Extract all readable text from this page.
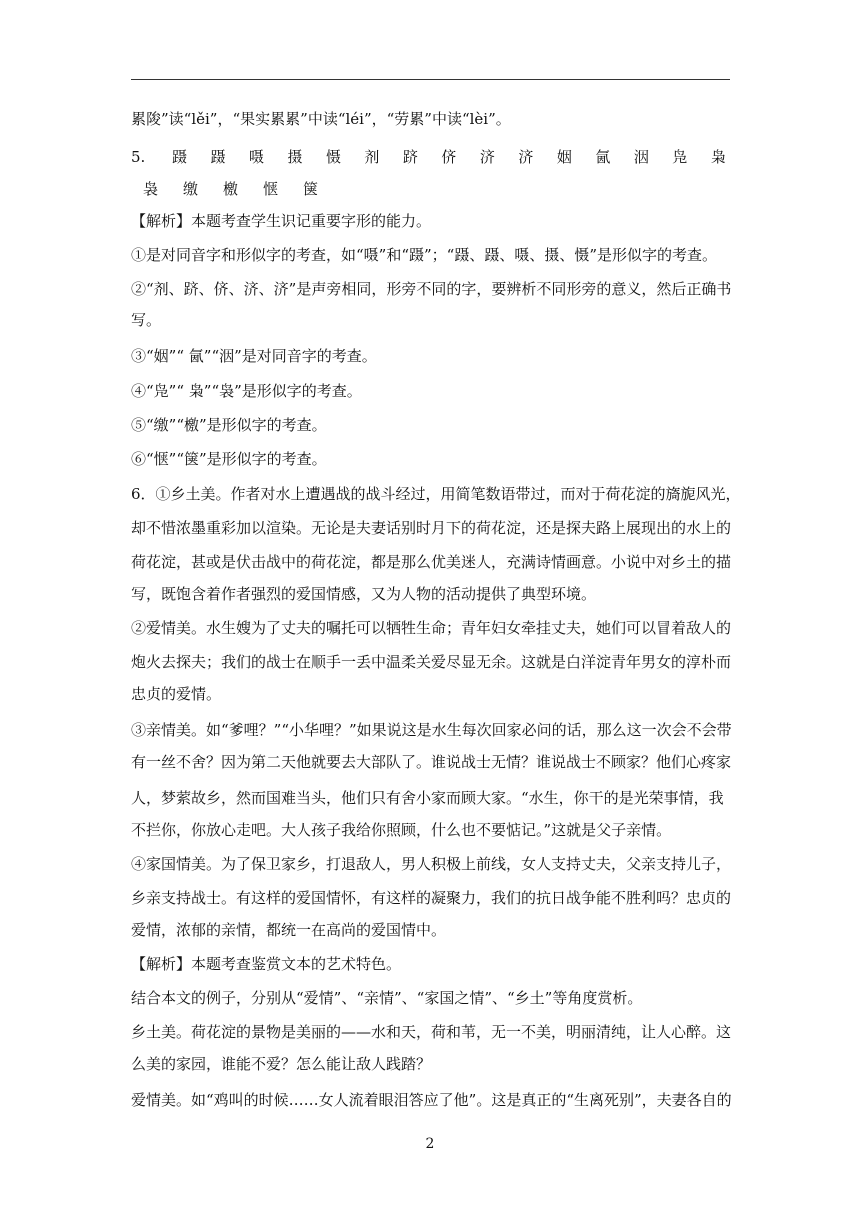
累陖”读“lěi”，“果实累累”中读“léi”，“劳累”中读“lèi”。
5.
【解析】本题考查学生识记重要字形的能力。
①是对同音字和形似字的考查，如“嗫”和“蹑”；“蹑、蹑、嗫、摄、慑”是形似字的考查。
②“剂、跻、侪、济、济”是声旁相同，形旁不同的字，要辨析不同形旁的意义，然后正确书
写。
③“姻”“ 氤”“洇”是对同音字的考查。
④“凫”“ 枭”“袅”是形似字的考查。
⑤“缴”“檄”是形似字的考查。
⑥“惬”“箧”是形似字的考查。
6．①乡土美。作者对水上遭遇战的战斗经过，用简笔数语带过，而对于荷花淀的旖旎风光，
却不惜浓墨重彩加以渲染。无论是夫妻话别时月下的荷花淀，还是探夫路上展现出的水上的
荷花淀，甚或是伏击战中的荷花淀，都是那么优美迷人，充满诗情画意。小说中对乡土的描
写，既饱含着作者强烈的爱国情感，又为人物的活动提供了典型环境。
②爱情美。水生嫂为了丈夫的嘱托可以牺牲生命；青年妇女牵挂丈夫，她们可以冒着敌人的
炮火去探夫；我们的战士在顺手一丢中温柔关爱尽显无余。这就是白洋淀青年男女的淳朴而
忠贞的爱情。
③亲情美。如“爹哩？”“小华哩？”如果说这是水生每次回家必问的话，那么这一次会不会带
有一丝不舍？因为第二天他就要去大部队了。谁说战士无情？谁说战士不顾家？他们心疼家
人，梦萦故乡，然而国难当头，他们只有舍小家而顾大家。“水生，你干的是光荣事情，我
不拦你，你放心走吧。大人孩子我给你照顾，什么也不要惦记。”这就是父子亲情。
④家国情美。为了保卫家乡，打退敌人，男人积极上前线，女人支持丈夫，父亲支持儿子，
乡亲支持战士。有这样的爱国情怀，有这样的凝聚力，我们的抗日战争能不胜利吗？忠贞的
爱情，浓郁的亲情，都统一在高尚的爱国情中。
【解析】本题考查鉴赏文本的艺术特色。
结合本文的例子，分别从“爱情”、“亲情”、“家国之情”、“乡土”等角度赏析。
乡土美。荷花淀的景物是美丽的——水和天，荷和苇，无一不美，明丽清纯，让人心醉。这
么美的家园，谁能不爱？怎么能让敌人践踏？
爱情美。如“鸡叫的时候……女人流着眼泪答应了他”。这是真正的“生离死别”，夫妻各自的
蹑 蹑 嗫 摄 慑 剂 跻 侪 济 济 姻 氤 洇 凫 枭
袅 缴 檄 惬 箧
2
